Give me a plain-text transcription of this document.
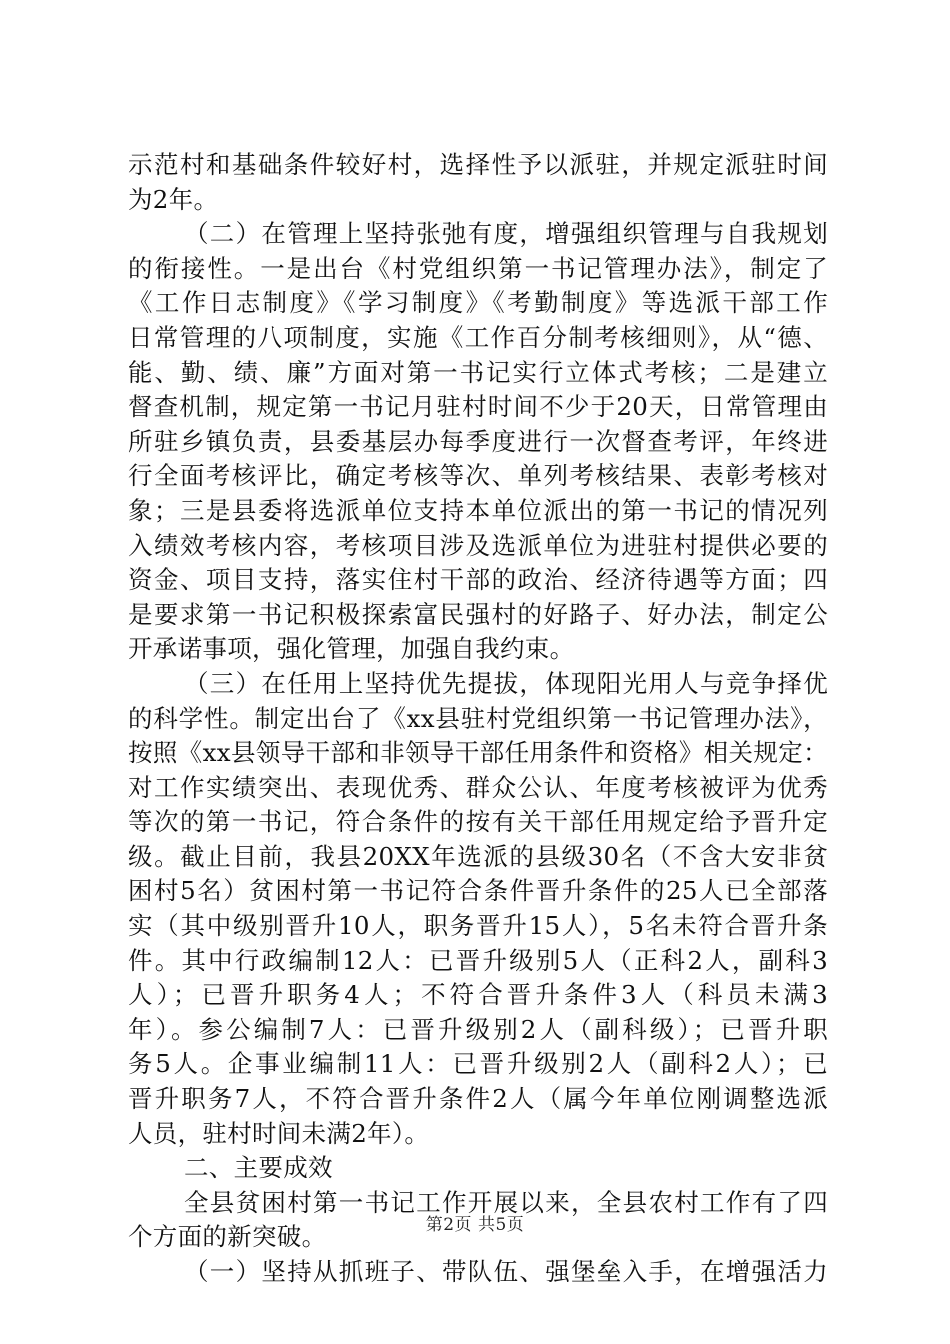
示范村和基础条件较好村，选择性予以派驻，并规定派驻时间
为2年。
（二）在管理上坚持张弛有度，增强组织管理与自我规划
的衔接性。一是出台《村党组织第一书记管理办法》，制定了
《工作日志制度》《学习制度》《考勤制度》等选派干部工作
日常管理的八项制度，实施《工作百分制考核细则》，从“德、
能、勤、绩、廉”方面对第一书记实行立体式考核；二是建立
督查机制，规定第一书记月驻村时间不少于20天，日常管理由
所驻乡镇负责，县委基层办每季度进行一次督查考评，年终进
行全面考核评比，确定考核等次、单列考核结果、表彰考核对
象；三是县委将选派单位支持本单位派出的第一书记的情况列
入绩效考核内容，考核项目涉及选派单位为进驻村提供必要的
资金、项目支持，落实住村干部的政治、经济待遇等方面；四
是要求第一书记积极探索富民强村的好路子、好办法，制定公
开承诺事项，强化管理，加强自我约束。
（三）在任用上坚持优先提拔，体现阳光用人与竞争择优
的科学性。制定出台了《xx县驻村党组织第一书记管理办法》，
按照《xx县领导干部和非领导干部任用条件和资格》相关规定：
对工作实绩突出、表现优秀、群众公认、年度考核被评为优秀
等次的第一书记，符合条件的按有关干部任用规定给予晋升定
级。截止目前，我县20XX年选派的县级30名（不含大安非贫
困村5名）贫困村第一书记符合条件晋升条件的25人已全部落
实（其中级别晋升10人，职务晋升15人），5名未符合晋升条
件。其中行政编制12人：已晋升级别5人（正科2人，副科3
人）；已晋升职务4人；不符合晋升条件3人（科员未满3
年）。参公编制7人：已晋升级别2人（副科级）；已晋升职
务5人。企事业编制11人：已晋升级别2人（副科2人）；已
晋升职务7人，不符合晋升条件2人（属今年单位刚调整选派
人员，驻村时间未满2年）。
二、主要成效
全县贫困村第一书记工作开展以来，全县农村工作有了四
个方面的新突破。
（一）坚持从抓班子、带队伍、强堡垒入手，在增强活力
第2页 共5页
